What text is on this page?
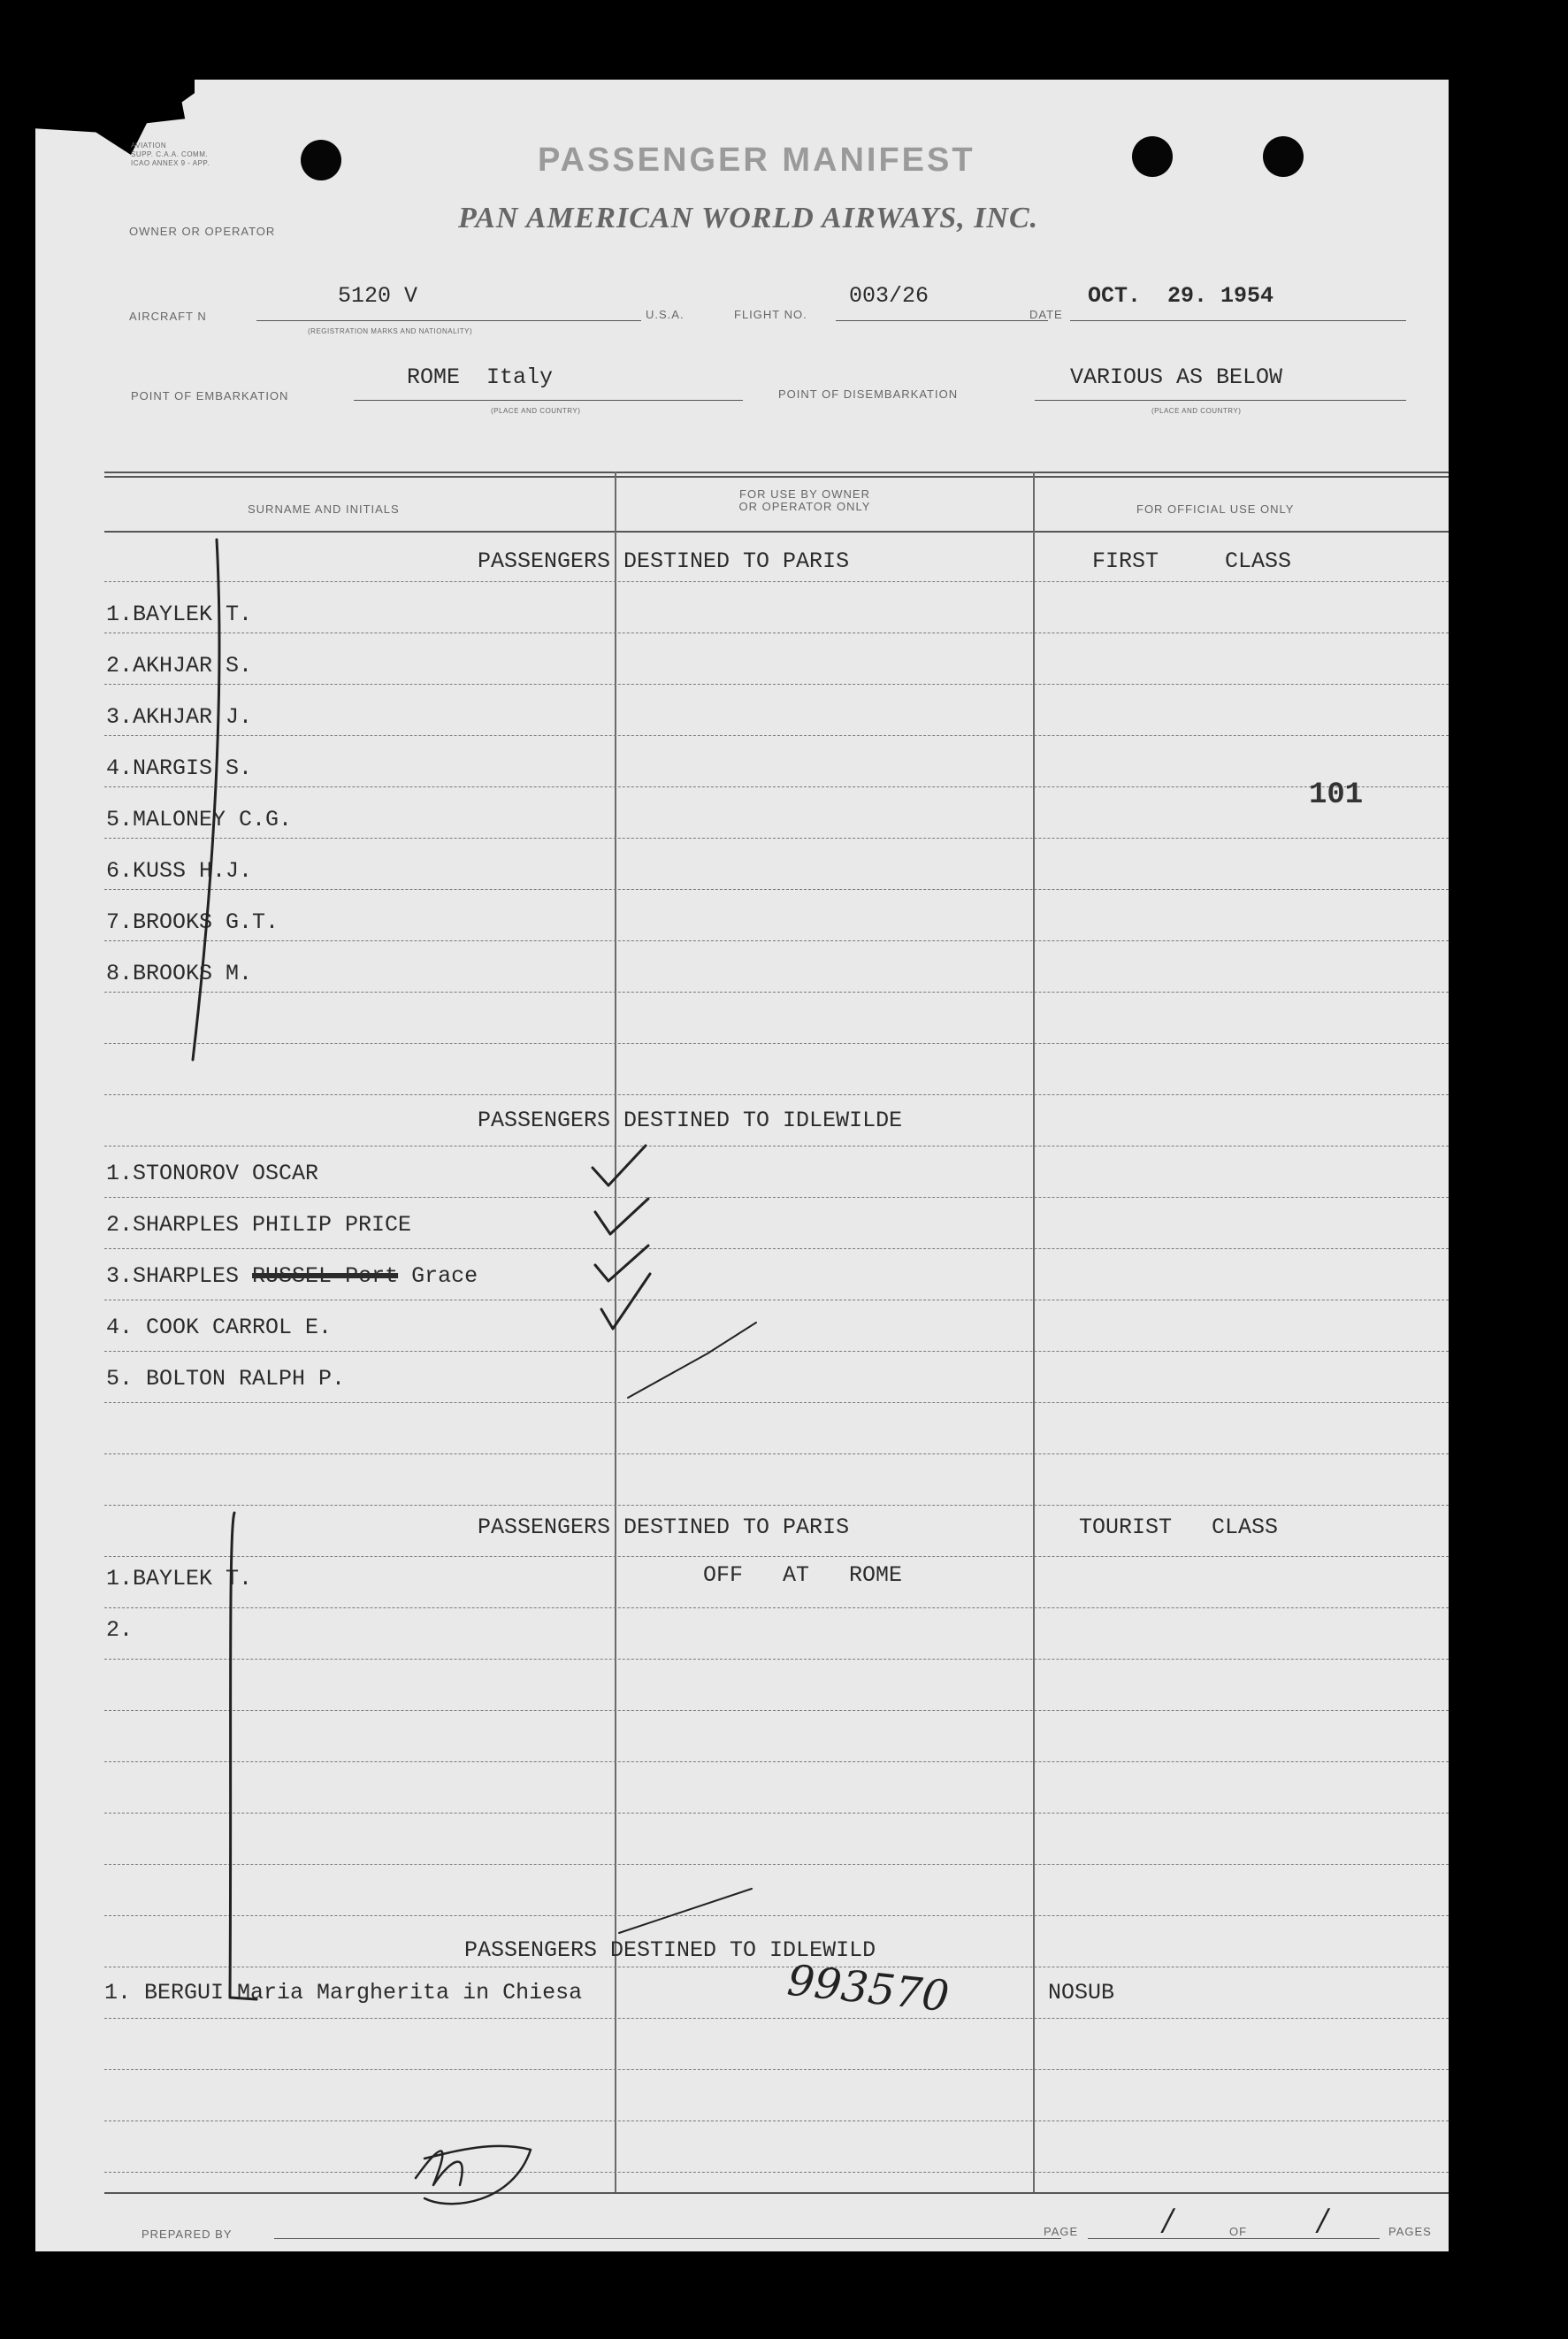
AVIATION
SUPP. C.A.A. COMM.
ICAO ANNEX 9 - APP.	PASSENGER MANIFEST
OWNER OR OPERATOR	PAN AMERICAN WORLD AIRWAYS, INC.
AIRCRAFT N
5120 V
(REGISTRATION MARKS AND NATIONALITY)
U.S.A.	FLIGHT NO.
003/26
DATE
OCT.  29. 1954
POINT OF EMBARKATION
ROME  Italy
(PLACE AND COUNTRY)
POINT OF DISEMBARKATION
VARIOUS AS BELOW
(PLACE AND COUNTRY)
SURNAME AND INITIALS
FOR USE BY OWNER
OR OPERATOR ONLY	FOR OFFICIAL USE ONLY
PASSENGERS DESTINED TO PARIS	FIRST     CLASS
1.BAYLEK T.
2.AKHJAR S.
3.AKHJAR J.
4.NARGIS S.
5.MALONEY C.G.
6.KUSS H.J.
7.BROOKS G.T.
8.BROOKS M.
101
PASSENGERS DESTINED TO IDLEWILDE
1.STONOROV OSCAR
2.SHARPLES PHILIP PRICE
3.SHARPLES RUSSEL Port Grace
4. COOK CARROL E.
5. BOLTON RALPH P.
PASSENGERS DESTINED TO PARIS	TOURIST   CLASS
OFF   AT   ROME
1.BAYLEK T.
2.
PASSENGERS DESTINED TO IDLEWILD
1. BERGUI Maria Margherita in Chiesa	993570	NOSUB
PREPARED BY	PAGE	/	OF /	PAGES
